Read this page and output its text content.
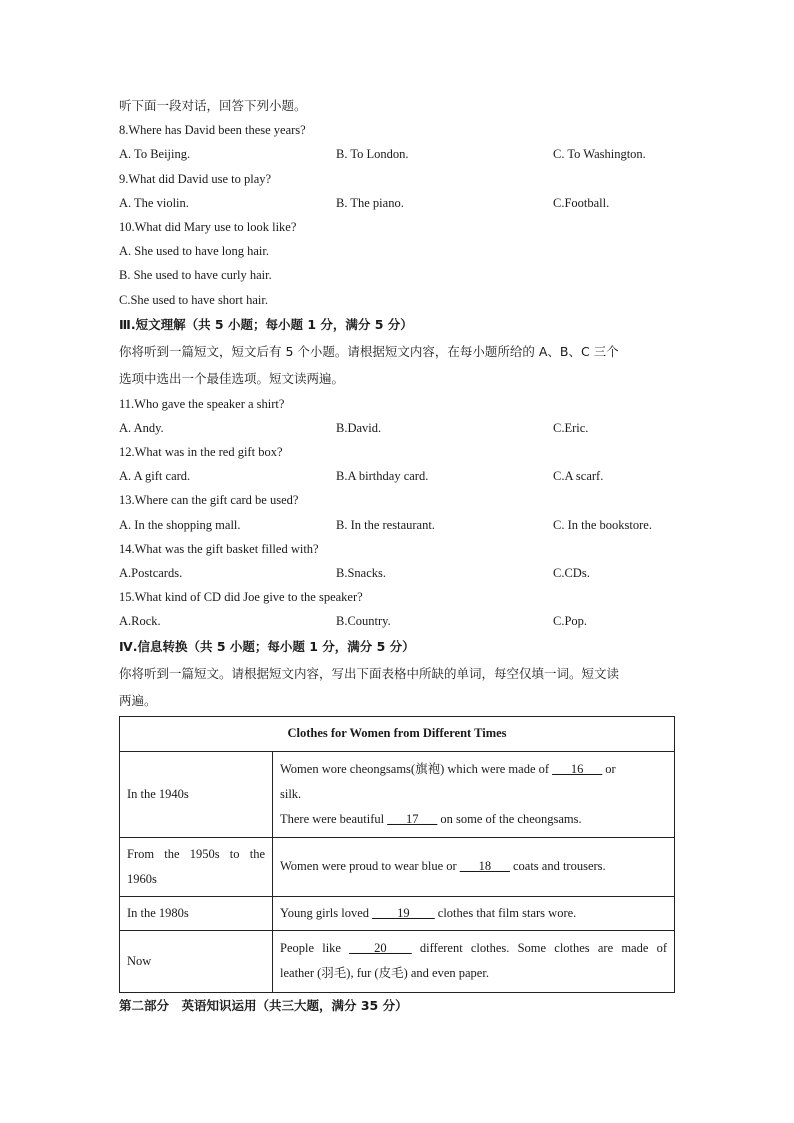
听下面一段对话，回答下列小题。
8.Where has David been these years?
A. To Beijing.	B. To London.	C. To Washington.
9.What did David use to play?
A. The violin.	B. The piano.	C.Football.
10.What did Mary use to look like?
A. She used to have long hair.
B. She used to have curly hair.
C.She used to have short hair.
Ⅲ.短文理解（共 5 小题；每小题 1 分，满分 5 分）
你将听到一篇短文，短文后有 5 个小题。请根据短文内容，在每小题所给的 A、B、C 三个
选项中选出一个最佳选项。短文读两遍。
11.Who gave the speaker a shirt?
A. Andy.	B.David.	C.Eric.
12.What was in the red gift box?
A. A gift card.	B.A birthday card.	C.A scarf.
13.Where can the gift card be used?
A. In the shopping mall.	B. In the restaurant.	C. In the bookstore.
14.What was the gift basket filled with?
A.Postcards.	B.Snacks.	C.CDs.
15.What kind of CD did Joe give to the speaker?
A.Rock.	B.Country.	C.Pop.
Ⅳ.信息转换（共 5 小题；每小题 1 分，满分 5 分）
你将听到一篇短文。请根据短文内容，写出下面表格中所缺的单词，每空仅填一词。短文读
两遍。
Clothes for Women from Different Times	
In the 1940s	Women wore cheongsams(旗袍) which were made of ___16___ or
silk.
There were beautiful ___17___ on some of the cheongsams.

From the 1950s to the
1960s	Women were proud to wear blue or ___18___ coats and trousers.
In the 1980s	Young girls loved ____19____ clothes that film stars wore.
Now	People like ____20____ different clothes. Some clothes are made of
leather (羽毛), fur (皮毛) and even paper.
第二部分　英语知识运用（共三大题，满分 35 分）
